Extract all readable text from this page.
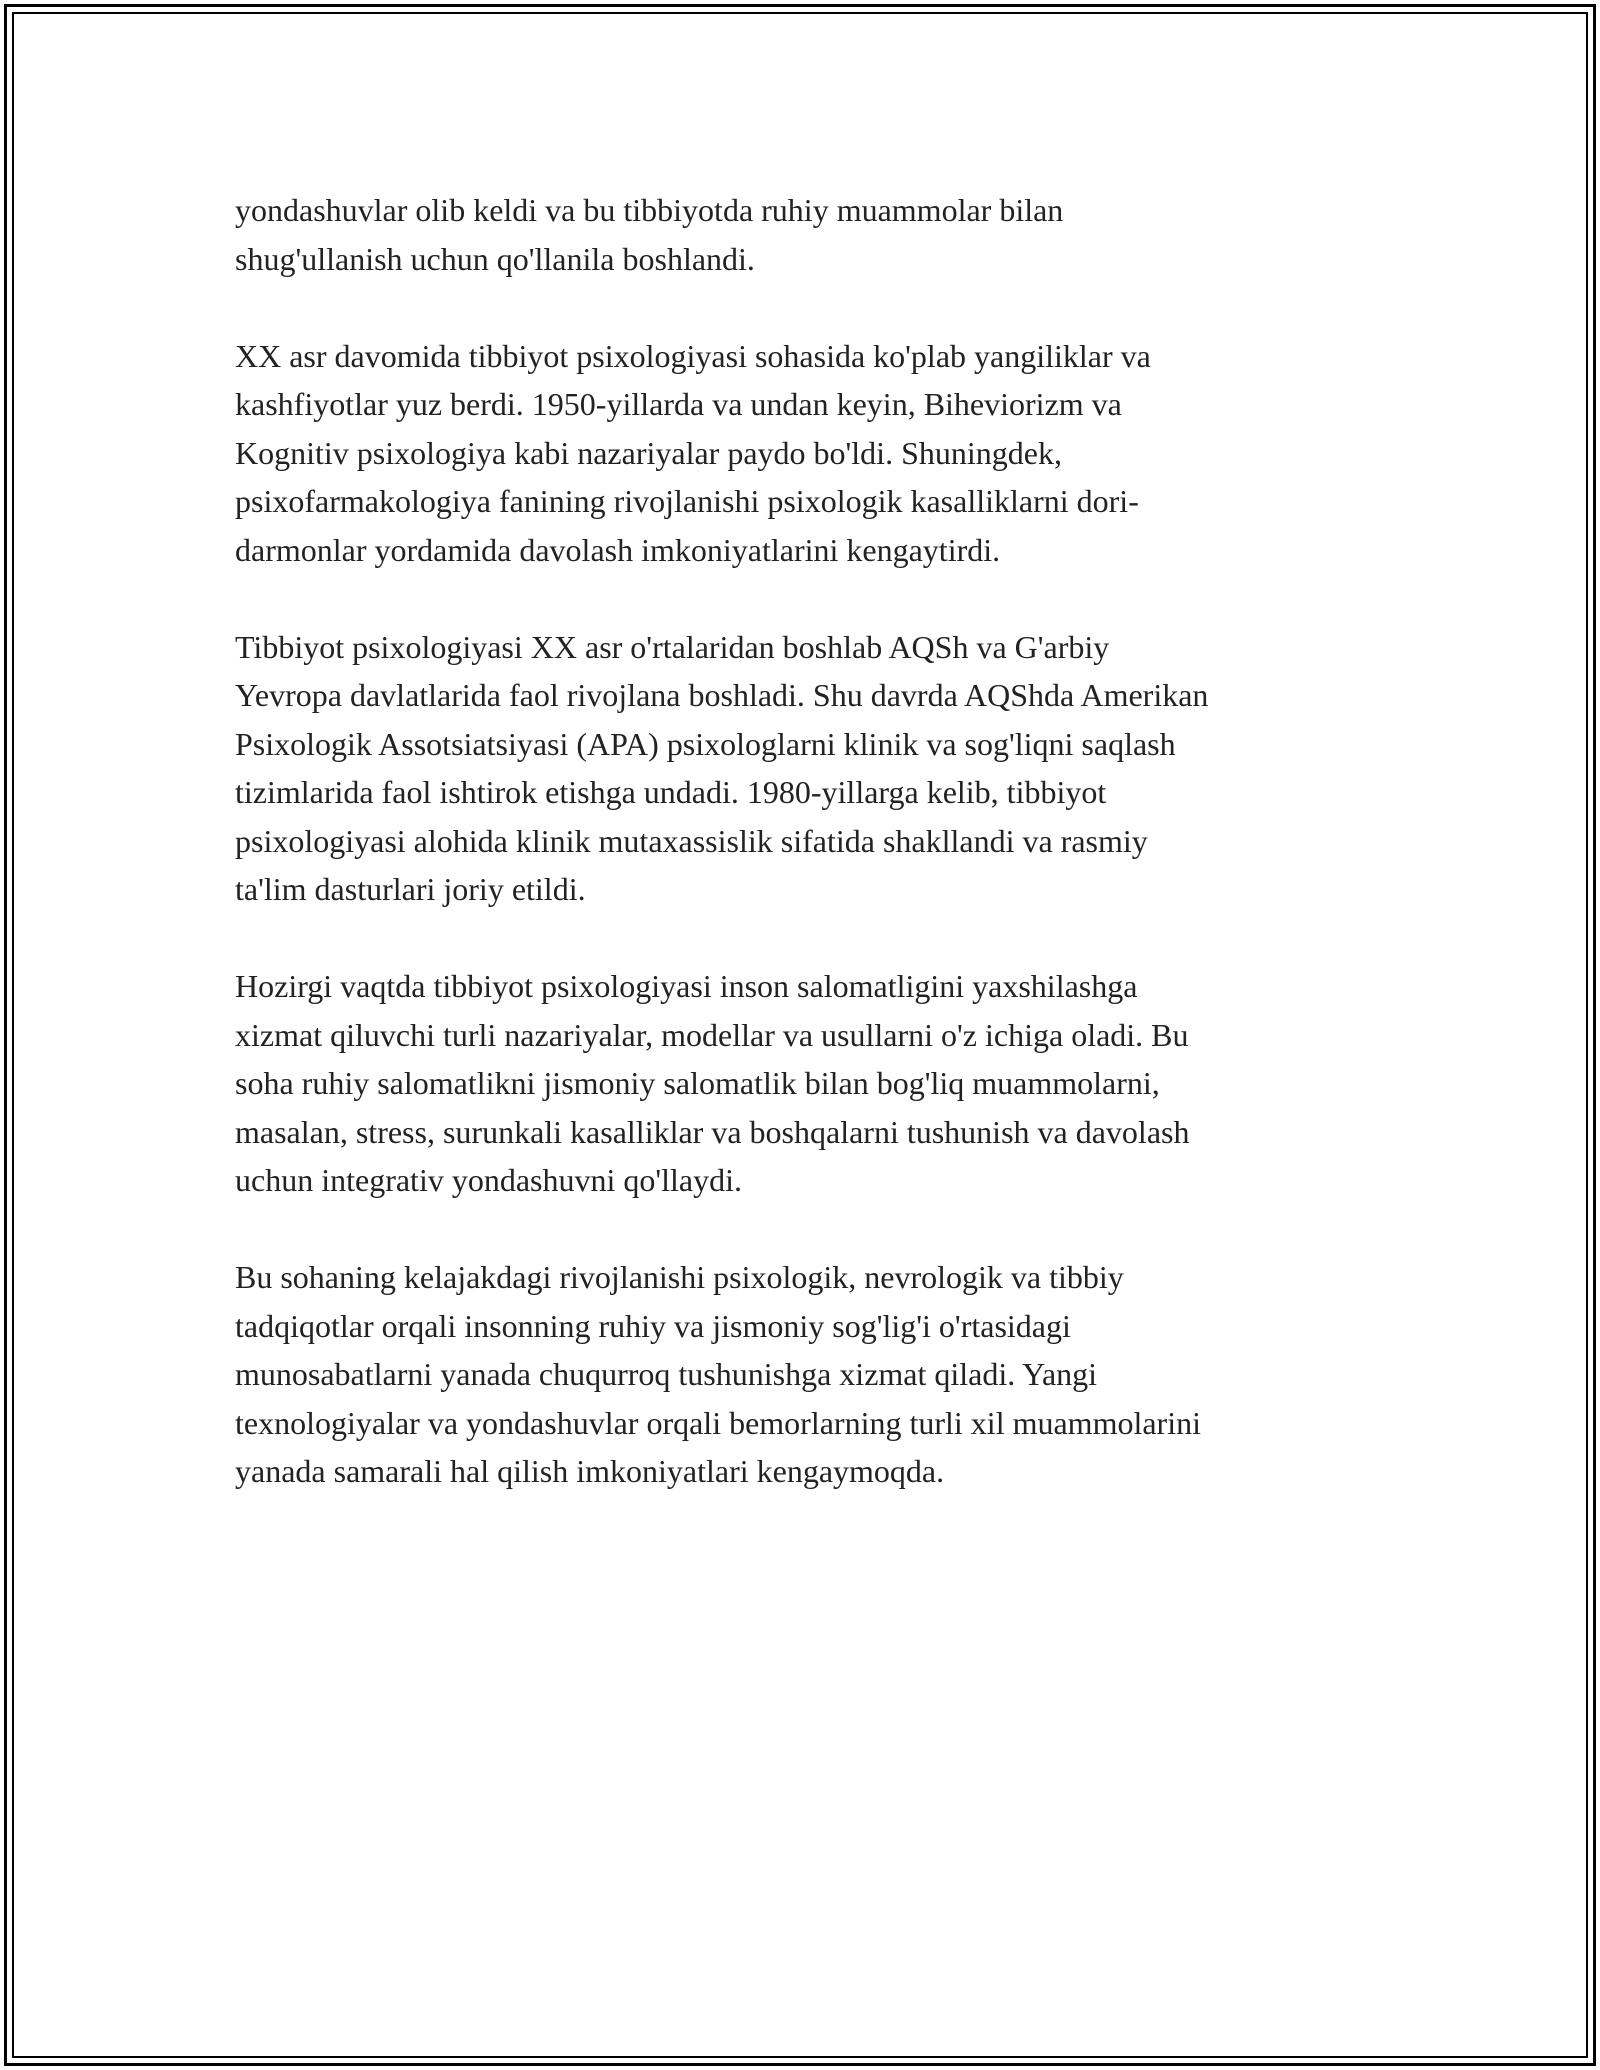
yondashuvlar olib keldi va bu tibbiyotda ruhiy muammolar bilan
shug'ullanish uchun qo'llanila boshlandi.

XX asr davomida tibbiyot psixologiyasi sohasida ko'plab yangiliklar va
kashfiyotlar yuz berdi. 1950-yillarda va undan keyin, Biheviorizm va
Kognitiv psixologiya kabi nazariyalar paydo bo'ldi. Shuningdek,
psixofarmakologiya fanining rivojlanishi psixologik kasalliklarni dori-
darmonlar yordamida davolash imkoniyatlarini kengaytirdi.

Tibbiyot psixologiyasi XX asr o'rtalaridan boshlab AQSh va G'arbiy
Yevropa davlatlarida faol rivojlana boshladi. Shu davrda AQShda Amerikan
Psixologik Assotsiatsiyasi (APA) psixologlarni klinik va sog'liqni saqlash
tizimlarida faol ishtirok etishga undadi. 1980-yillarga kelib, tibbiyot
psixologiyasi alohida klinik mutaxassislik sifatida shakllandi va rasmiy
ta'lim dasturlari joriy etildi.

Hozirgi vaqtda tibbiyot psixologiyasi inson salomatligini yaxshilashga
xizmat qiluvchi turli nazariyalar, modellar va usullarni o'z ichiga oladi. Bu
soha ruhiy salomatlikni jismoniy salomatlik bilan bog'liq muammolarni,
masalan, stress, surunkali kasalliklar va boshqalarni tushunish va davolash
uchun integrativ yondashuvni qo'llaydi.

Bu sohaning kelajakdagi rivojlanishi psixologik, nevrologik va tibbiy
tadqiqotlar orqali insonning ruhiy va jismoniy sog'lig'i o'rtasidagi
munosabatlarni yanada chuqurroq tushunishga xizmat qiladi. Yangi
texnologiyalar va yondashuvlar orqali bemorlarning turli xil muammolarini
yanada samarali hal qilish imkoniyatlari kengaymoqda.
